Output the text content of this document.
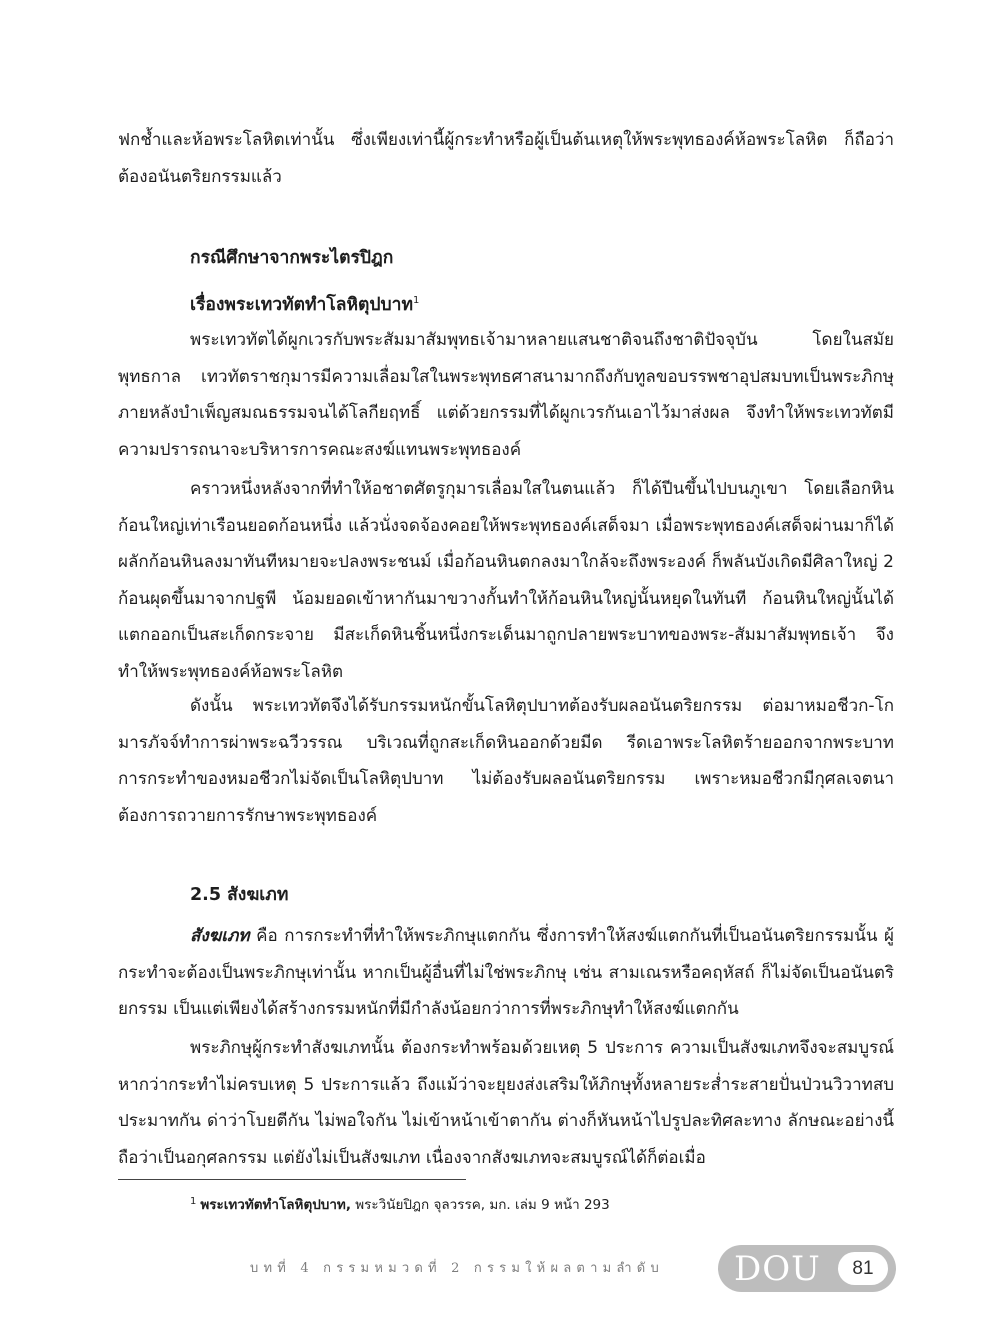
ฟกช้ำและห้อพระโลหิตเท่านั้น ซึ่งเพียงเท่านี้ผู้กระทำหรือผู้เป็นต้นเหตุให้พระพุทธองค์ห้อพระโลหิต ก็ถือว่าต้องอนันตริยกรรมแล้ว

กรณีศึกษาจากพระไตรปิฎก
เรื่องพระเทวทัตทำโลหิตุปบาท$^1$

พระเทวทัตได้ผูกเวรกับพระสัมมาสัมพุทธเจ้ามาหลายแสนชาติจนถึงชาติปัจจุบัน โดยในสมัยพุทธกาล เทวทัตราชกุมารมีความเลื่อมใสในพระพุทธศาสนามากถึงกับทูลขอบรรพชาอุปสมบทเป็นพระภิกษุ ภายหลังบำเพ็ญสมณธรรมจนได้โลกียฤทธิ์ แต่ด้วยกรรมที่ได้ผูกเวรกันเอาไว้มาส่งผล จึงทำให้พระเทวทัตมีความปรารถนาจะบริหารการคณะสงฆ์แทนพระพุทธองค์

คราวหนึ่งหลังจากที่ทำให้อชาตศัตรูกุมารเลื่อมใสในตนแล้ว ก็ได้ปีนขึ้นไปบนภูเขา โดยเลือกหินก้อนใหญ่เท่าเรือนยอดก้อนหนึ่ง แล้วนั่งจดจ้องคอยให้พระพุทธองค์เสด็จมา เมื่อพระพุทธองค์เสด็จผ่านมาก็ได้ผลักก้อนหินลงมาทันทีหมายจะปลงพระชนม์ เมื่อก้อนหินตกลงมาใกล้จะถึงพระองค์ ก็พลันบังเกิดมีศิลาใหญ่ 2 ก้อนผุดขึ้นมาจากปฐพี น้อมยอดเข้าหากันมาขวางกั้นทำให้ก้อนหินใหญ่นั้นหยุดในทันที ก้อนหินใหญ่นั้นได้แตกออกเป็นสะเก็ดกระจาย มีสะเก็ดหินชิ้นหนึ่งกระเด็นมาถูกปลายพระบาทของพระ-สัมมาสัมพุทธเจ้า จึงทำให้พระพุทธองค์ห้อพระโลหิต

ดังนั้น พระเทวทัตจึงได้รับกรรมหนักขั้นโลหิตุปบาทต้องรับผลอนันตริยกรรม ต่อมาหมอชีวก-โกมารภัจจ์ทำการผ่าพระฉวีวรรณ บริเวณที่ถูกสะเก็ดหินออกด้วยมีด รีดเอาพระโลหิตร้ายออกจากพระบาท การกระทำของหมอชีวกไม่จัดเป็นโลหิตุปบาท ไม่ต้องรับผลอนันตริยกรรม เพราะหมอชีวกมีกุศลเจตนาต้องการถวายการรักษาพระพุทธองค์

2.5 สังฆเภท

สังฆเภท คือ การกระทำที่ทำให้พระภิกษุแตกกัน ซึ่งการทำให้สงฆ์แตกกันที่เป็นอนันตริยกรรมนั้น ผู้กระทำจะต้องเป็นพระภิกษุเท่านั้น หากเป็นผู้อื่นที่ไม่ใช่พระภิกษุ เช่น สามเณรหรือคฤหัสถ์ ก็ไม่จัดเป็นอนันตริยกรรม เป็นแต่เพียงได้สร้างกรรมหนักที่มีกำลังน้อยกว่าการที่พระภิกษุทำให้สงฆ์แตกกัน

พระภิกษุผู้กระทำสังฆเภทนั้น ต้องกระทำพร้อมด้วยเหตุ 5 ประการ ความเป็นสังฆเภทจึงจะสมบูรณ์ หากว่ากระทำไม่ครบเหตุ 5 ประการแล้ว ถึงแม้ว่าจะยุยงส่งเสริมให้ภิกษุทั้งหลายระส่ำระสายปั่นป่วนวิวาทสบประมาทกัน ด่าว่าโบยตีกัน ไม่พอใจกัน ไม่เข้าหน้าเข้าตากัน ต่างก็หันหน้าไปรูปละทิศละทาง ลักษณะอย่างนี้ ถือว่าเป็นอกุศลกรรม แต่ยังไม่เป็นสังฆเภท เนื่องจากสังฆเภทจะสมบูรณ์ได้ก็ต่อเมื่อ

$^1$ พระเทวทัตทำโลหิตุปบาท, พระวินัยปิฎก จุลวรรค, มก. เล่ม 9 หน้า 293

บทที่ 4 กรรมหมวดที่ 2 กรรมให้ผลตามลำดับ DOU	81
